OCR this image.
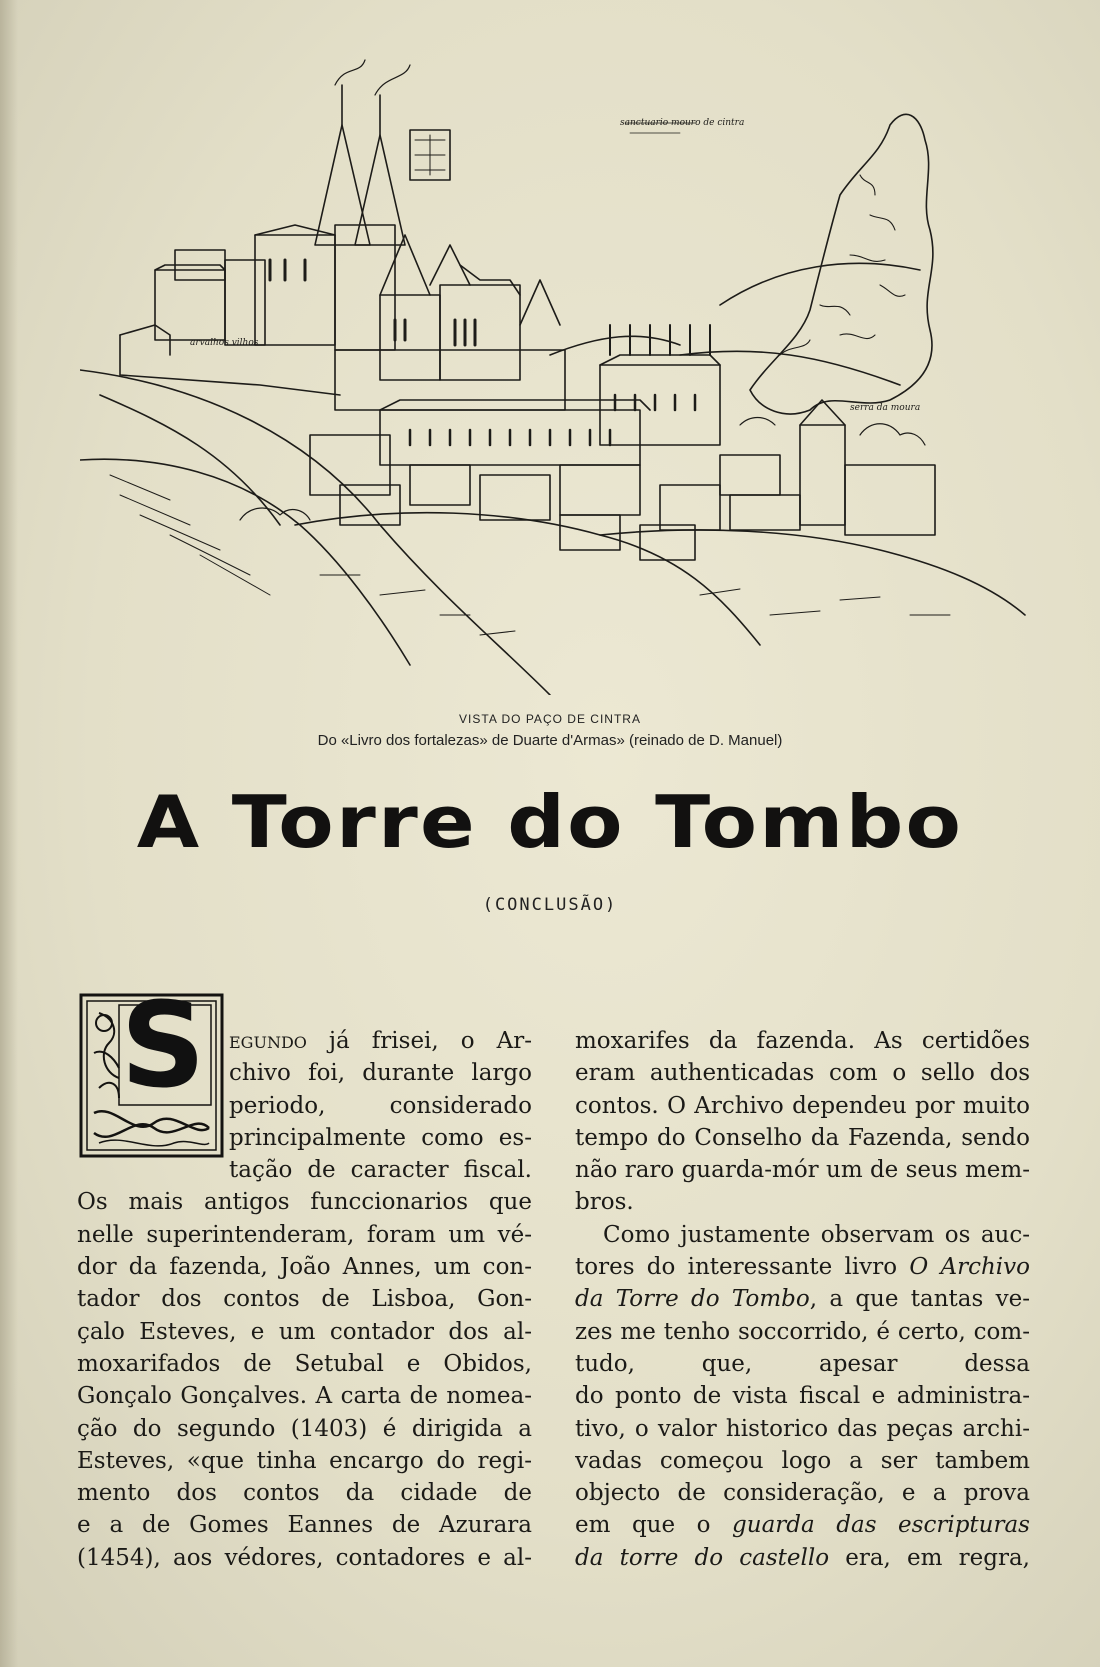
arvalhos vilhos
sanctuario mouro de cintra
serra da moura
VISTA DO PAÇO DE CINTRA
Do «Livro dos fortalezas» de Duarte d'Armas» (reinado de D. Manuel)
A Torre do Tombo
(CONCLUSÃO)
S	egundo já frisei, o Ar-
chivo foi, durante largo
periodo, considerado
principalmente como es-
tação de caracter fiscal.
Os mais antigos funccionarios que
nelle superintenderam, foram um vé-
dor da fazenda, João Annes, um con-
tador dos contos de Lisboa, Gon-
çalo Esteves, e um contador dos al-
moxarifados de Setubal e Obidos,
Gonçalo Gonçalves. A carta de nomea-
ção do segundo (1403) é dirigida a
Esteves, «que tinha encargo do regi-
mento dos contos da cidade de
e a de Gomes Eannes de Azurara
(1454), aos védores, contadores e al-
moxarifes da fazenda. As certidões
eram authenticadas com o sello dos
contos. O Archivo dependeu por muito
tempo do Conselho da Fazenda, sendo
não raro guarda-mór um de seus mem-
bros.
Como justamente observam os auc-
tores do interessante livro O Archivo
da Torre do Tombo, a que tantas ve-
zes me tenho soccorrido, é certo, com-
tudo, que, apesar dessa
do ponto de vista fiscal e administra-
tivo, o valor historico das peças archi-
vadas começou logo a ser tambem
objecto de consideração, e a prova
em que o guarda das escripturas
da torre do castello era, em regra,
